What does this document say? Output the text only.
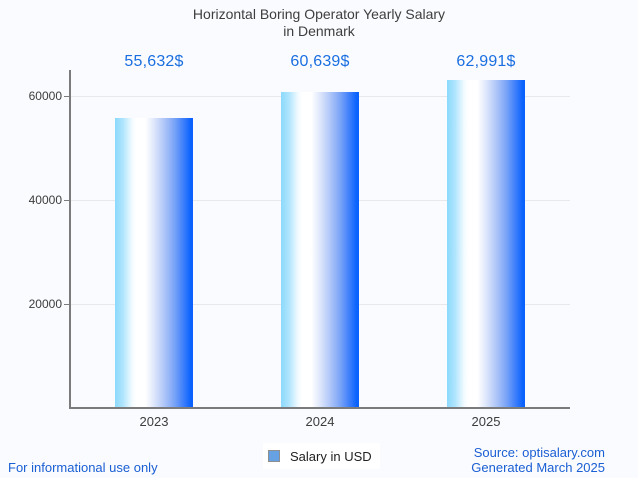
Horizontal Boring Operator Yearly Salary
in Denmark
20000
40000
60000
55,632$	60,639$	62,991$
2023	2024	2025
Salary in USD
For informational use only
Source: optisalary.com
Generated March 2025
